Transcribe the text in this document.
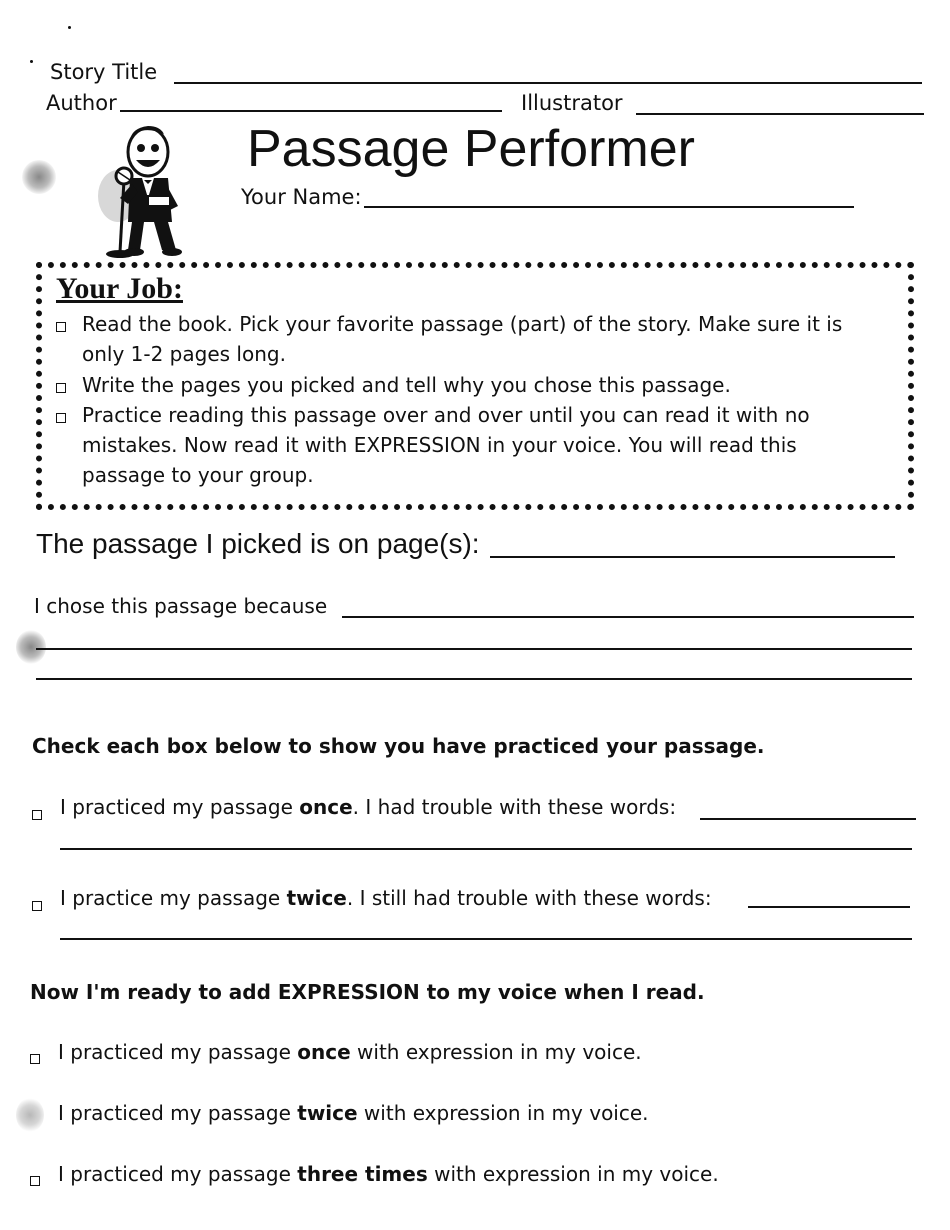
Story Title
Author	Illustrator
Passage Performer
Your Name:
Your Job:
Read the book. Pick your favorite passage (part) of the story. Make sure it is
only 1-2 pages long.
Write the pages you picked and tell why you chose this passage.
Practice reading this passage over and over until you can read it with no
mistakes. Now read it with EXPRESSION in your voice. You will read this
passage to your group.
The passage I picked is on page(s):
I chose this passage because
Check each box below to show you have practiced your passage.
I practiced my passage once. I had trouble with these words:
I practice my passage twice. I still had trouble with these words:
Now I'm ready to add EXPRESSION to my voice when I read.
I practiced my passage once with expression in my voice.
I practiced my passage twice with expression in my voice.
I practiced my passage three times with expression in my voice.
